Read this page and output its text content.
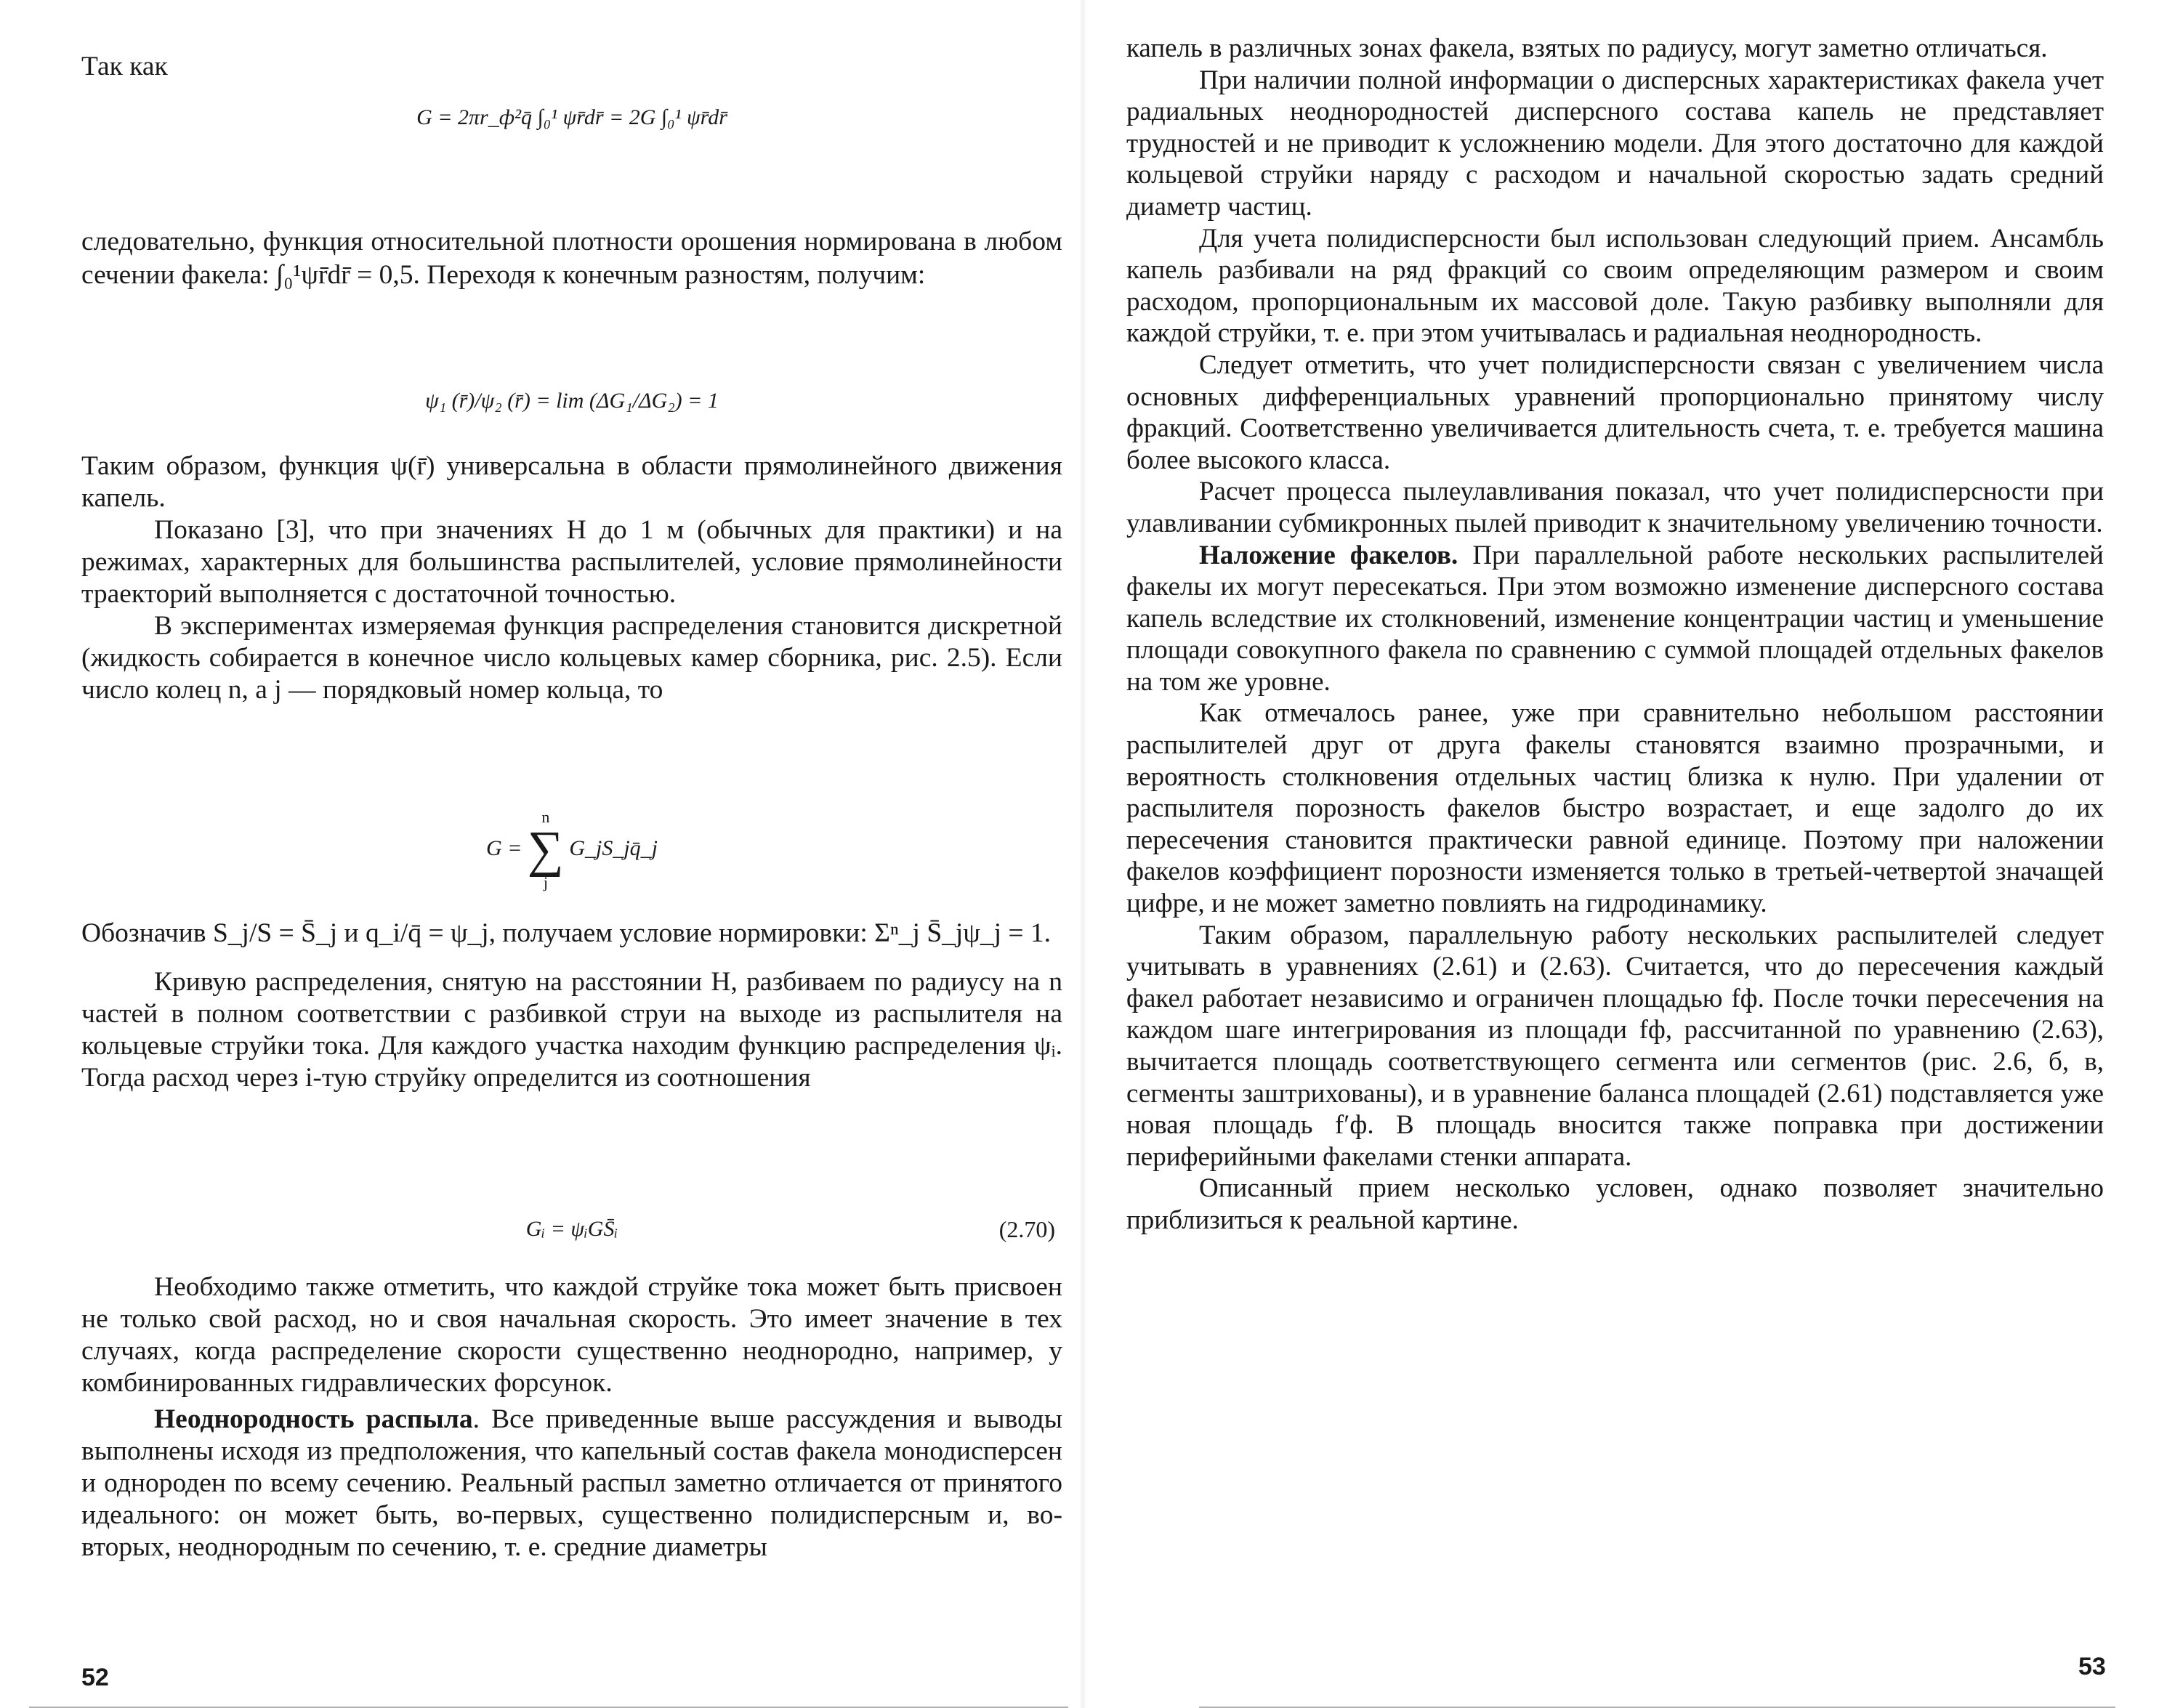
Так как

G = 2πr_ф²q̄ ∫₀¹ ψr̄dr̄ = 2G ∫₀¹ ψr̄dr̄

следовательно, функция относительной плотности орошения нормирована в любом сечении факела: ∫₀¹ψr̄dr̄ = 0,5. Переходя к конечным разностям, получим:

ψ₁ (r̄)/ψ₂ (r̄) = lim (ΔG₁/ΔG₂) = 1

Таким образом, функция ψ(r̄) универсальна в области прямолинейного движения капель.

Показано [3], что при значениях H до 1 м (обычных для практики) и на режимах, характерных для большинства распылителей, условие прямолинейности траекторий выполняется с достаточной точностью.

В экспериментах измеряемая функция распределения становится дискретной (жидкость собирается в конечное число кольцевых камер сборника, рис. 2.5). Если число колец n, а j — порядковый номер кольца, то

G =
n
∑
j
G_jS_jq̄_j

Обозначив S_j/S = S̄_j и q_i/q̄ = ψ_j, получаем условие нормировки: Σⁿ_j S̄_jψ_j = 1.

Кривую распределения, снятую на расстоянии H, разбиваем по радиусу на n частей в полном соответствии с разбивкой струи на выходе из распылителя на кольцевые струйки тока. Для каждого участка находим функцию распределения ψᵢ. Тогда расход через i-тую струйку определится из соотношения

Gᵢ = ψᵢGS̄ᵢ	(2.70)

Необходимо также отметить, что каждой струйке тока может быть присвоен не только свой расход, но и своя начальная скорость. Это имеет значение в тех случаях, когда распределение скорости существенно неоднородно, например, у комбинированных гидравлических форсунок.

Неоднородность распыла. Все приведенные выше рассуждения и выводы выполнены исходя из предположения, что капельный состав факела монодисперсен и однороден по всему сечению. Реальный распыл заметно отличается от принятого идеального: он может быть, во-первых, существенно полидисперсным и, во-вторых, неоднородным по сечению, т. е. средние диаметры

52

капель в различных зонах факела, взятых по радиусу, могут заметно отличаться.

При наличии полной информации о дисперсных характеристиках факела учет радиальных неоднородностей дисперсного состава капель не представляет трудностей и не приводит к усложнению модели. Для этого достаточно для каждой кольцевой струйки наряду с расходом и начальной скоростью задать средний диаметр частиц.

Для учета полидисперсности был использован следующий прием. Ансамбль капель разбивали на ряд фракций со своим определяющим размером и своим расходом, пропорциональным их массовой доле. Такую разбивку выполняли для каждой струйки, т. е. при этом учитывалась и радиальная неоднородность.

Следует отметить, что учет полидисперсности связан с увеличением числа основных дифференциальных уравнений пропорционально принятому числу фракций. Соответственно увеличивается длительность счета, т. е. требуется машина более высокого класса.

Расчет процесса пылеулавливания показал, что учет полидисперсности при улавливании субмикронных пылей приводит к значительному увеличению точности.

Наложение факелов. При параллельной работе нескольких распылителей факелы их могут пересекаться. При этом возможно изменение дисперсного состава капель вследствие их столкновений, изменение концентрации частиц и уменьшение площади совокупного факела по сравнению с суммой площадей отдельных факелов на том же уровне.

Как отмечалось ранее, уже при сравнительно небольшом расстоянии распылителей друг от друга факелы становятся взаимно прозрачными, и вероятность столкновения отдельных частиц близка к нулю. При удалении от распылителя порозность факелов быстро возрастает, и еще задолго до их пересечения становится практически равной единице. Поэтому при наложении факелов коэффициент порозности изменяется только в третьей-четвертой значащей цифре, и не может заметно повлиять на гидродинамику.

Таким образом, параллельную работу нескольких распылителей следует учитывать в уравнениях (2.61) и (2.63). Считается, что до пересечения каждый факел работает независимо и ограничен площадью fф. После точки пересечения на каждом шаге интегрирования из площади fф, рассчитанной по уравнению (2.63), вычитается площадь соответствующего сегмента или сегментов (рис. 2.6, б, в, сегменты заштрихованы), и в уравнение баланса площадей (2.61) подставляется уже новая площадь f′ф. В площадь вносится также поправка при достижении периферийными факелами стенки аппарата.

Описанный прием несколько условен, однако позволяет значительно приблизиться к реальной картине.

53
